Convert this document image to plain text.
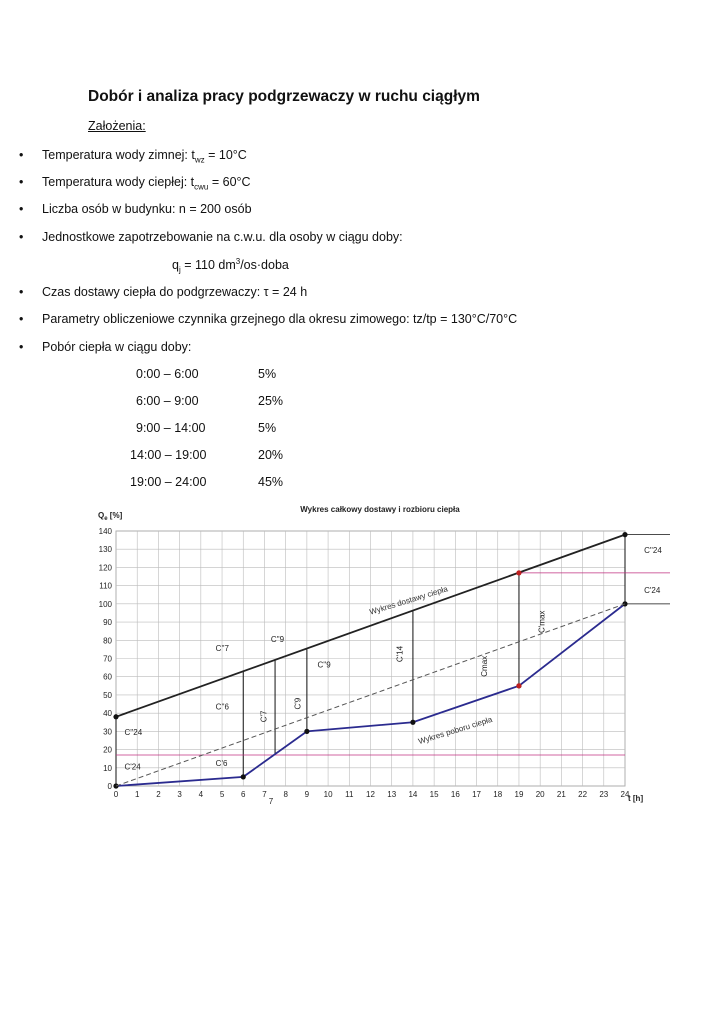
Dobór i analiza pracy podgrzewaczy w ruchu ciągłym
Założenia:
• Temperatura wody zimnej: $t_{wz} = 10^\circ C$
• Temperatura wody ciepłej: $t_{cwu} = 60^\circ C$
• Liczba osób w budynku: n = 200 osób
• Jednostkowe zapotrzebowanie na c.w.u. dla osoby w ciągu doby:
$q_j = 110$ $dm^3/os\cdot doba$
• Czas dostawy ciepła do podgrzewaczy: τ = 24 h
• Parametry obliczeniowe czynnika grzejnego dla okresu zimowego: tz/tp = 130°C/70°C
• Pobór ciepła w ciągu doby:
0:00 – 6:00	5%
6:00 – 9:00	25%
9:00 – 14:00	5%
14:00 – 19:00	20%
19:00 – 24:00	45%
Wykres całkowy dostawy i rozbioru ciepła
$Q_e$ [%]
t [h]
0 1 2 3 4 5 6 7 8 9 10 11 12 13 14 15 16 17 18 19 20 21 22 23 24
0
10
20
30
40
50
60
70
80
90
100
110
120
130
140
Wykres dostawy ciepła
Wykres poboru ciepła
C''24
C'24
C''24
C'24
C''6
C'6
C''7
C''9
C''9
C'9
C'14
C'7
C'max
Cmax
7
